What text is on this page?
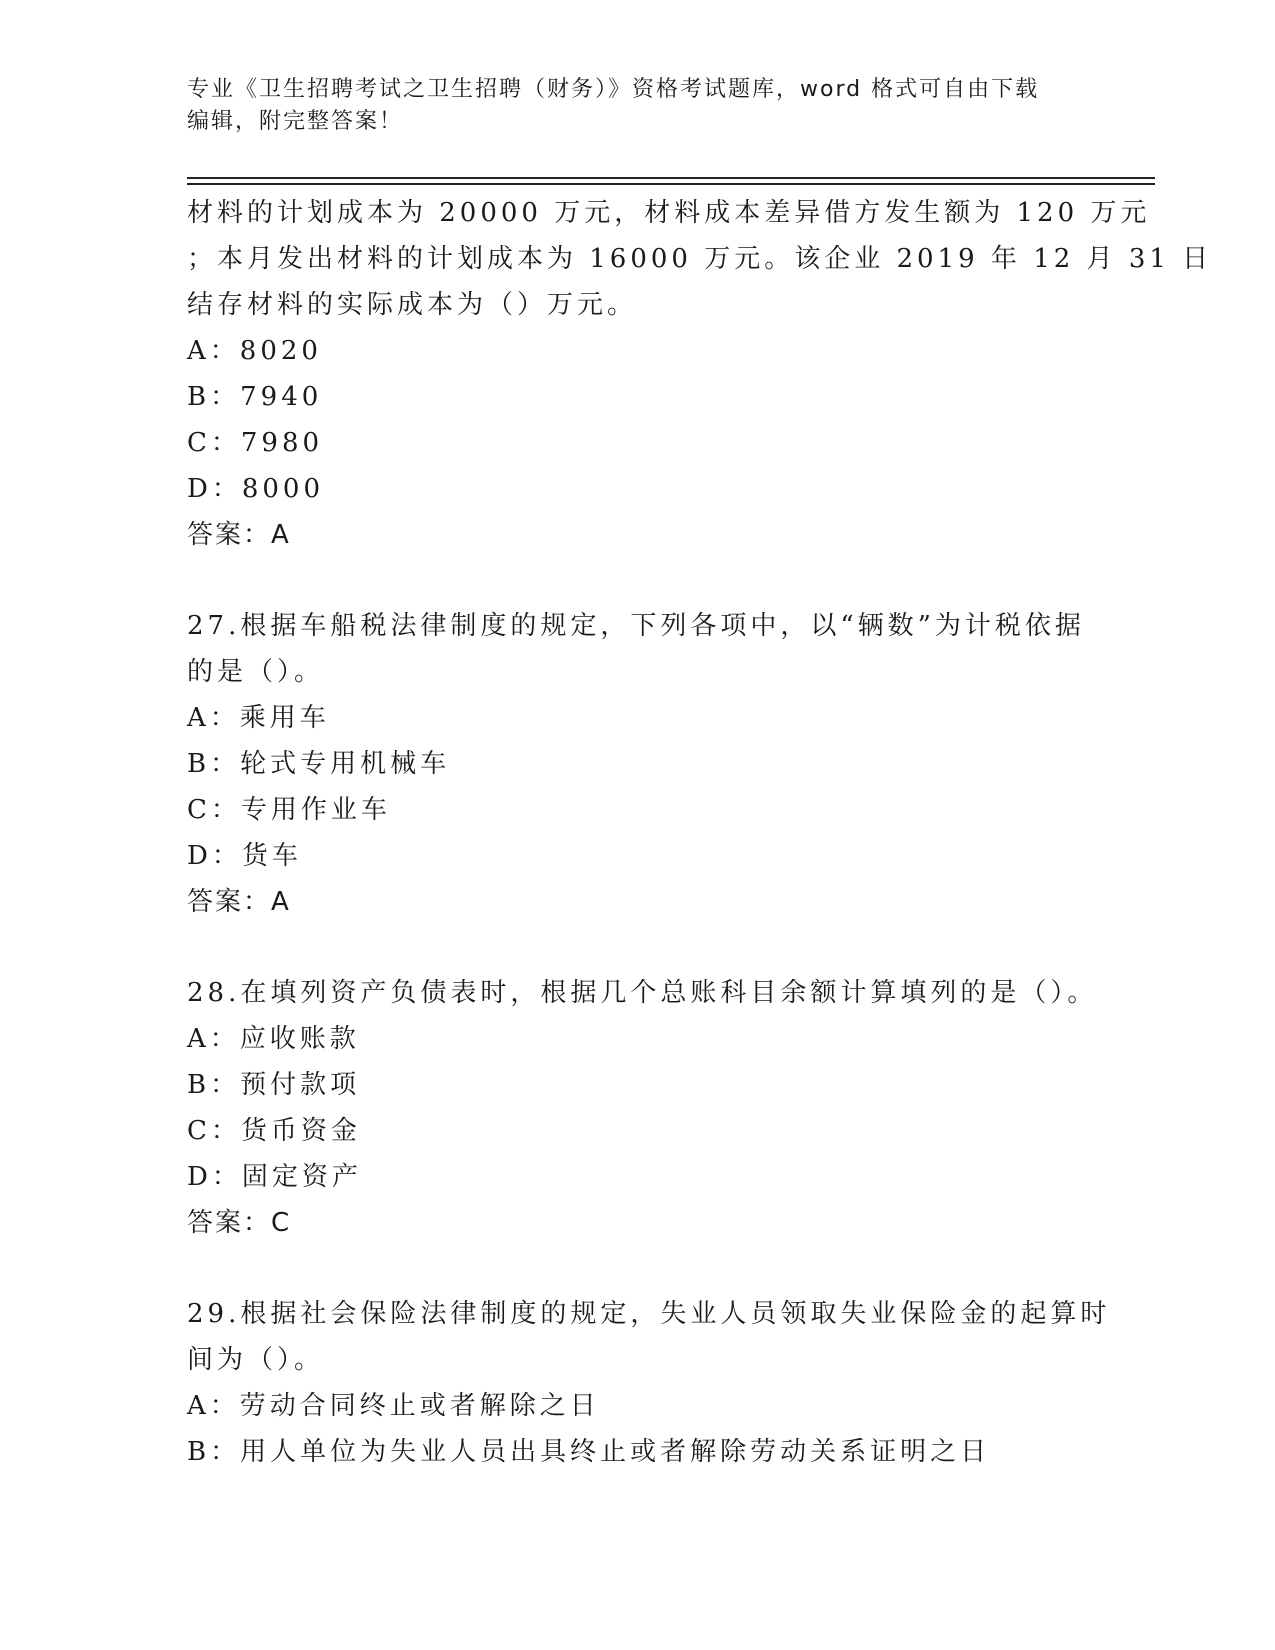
专业《卫生招聘考试之卫生招聘（财务）》资格考试题库，word 格式可自由下载
编辑，附完整答案！
材料的计划成本为 20000 万元，材料成本差异借方发生额为 120 万元
；本月发出材料的计划成本为 16000 万元。该企业 2019 年 12 月 31 日
结存材料的实际成本为（）万元。
A：8020
B：7940
C：7980
D：8000
答案：A
27.根据车船税法律制度的规定，下列各项中，以“辆数”为计税依据
的是（）。
A：乘用车
B：轮式专用机械车
C：专用作业车
D：货车
答案：A
28.在填列资产负债表时，根据几个总账科目余额计算填列的是（）。
A：应收账款
B：预付款项
C：货币资金
D：固定资产
答案：C
29.根据社会保险法律制度的规定，失业人员领取失业保险金的起算时
间为（）。
A：劳动合同终止或者解除之日
B：用人单位为失业人员出具终止或者解除劳动关系证明之日
